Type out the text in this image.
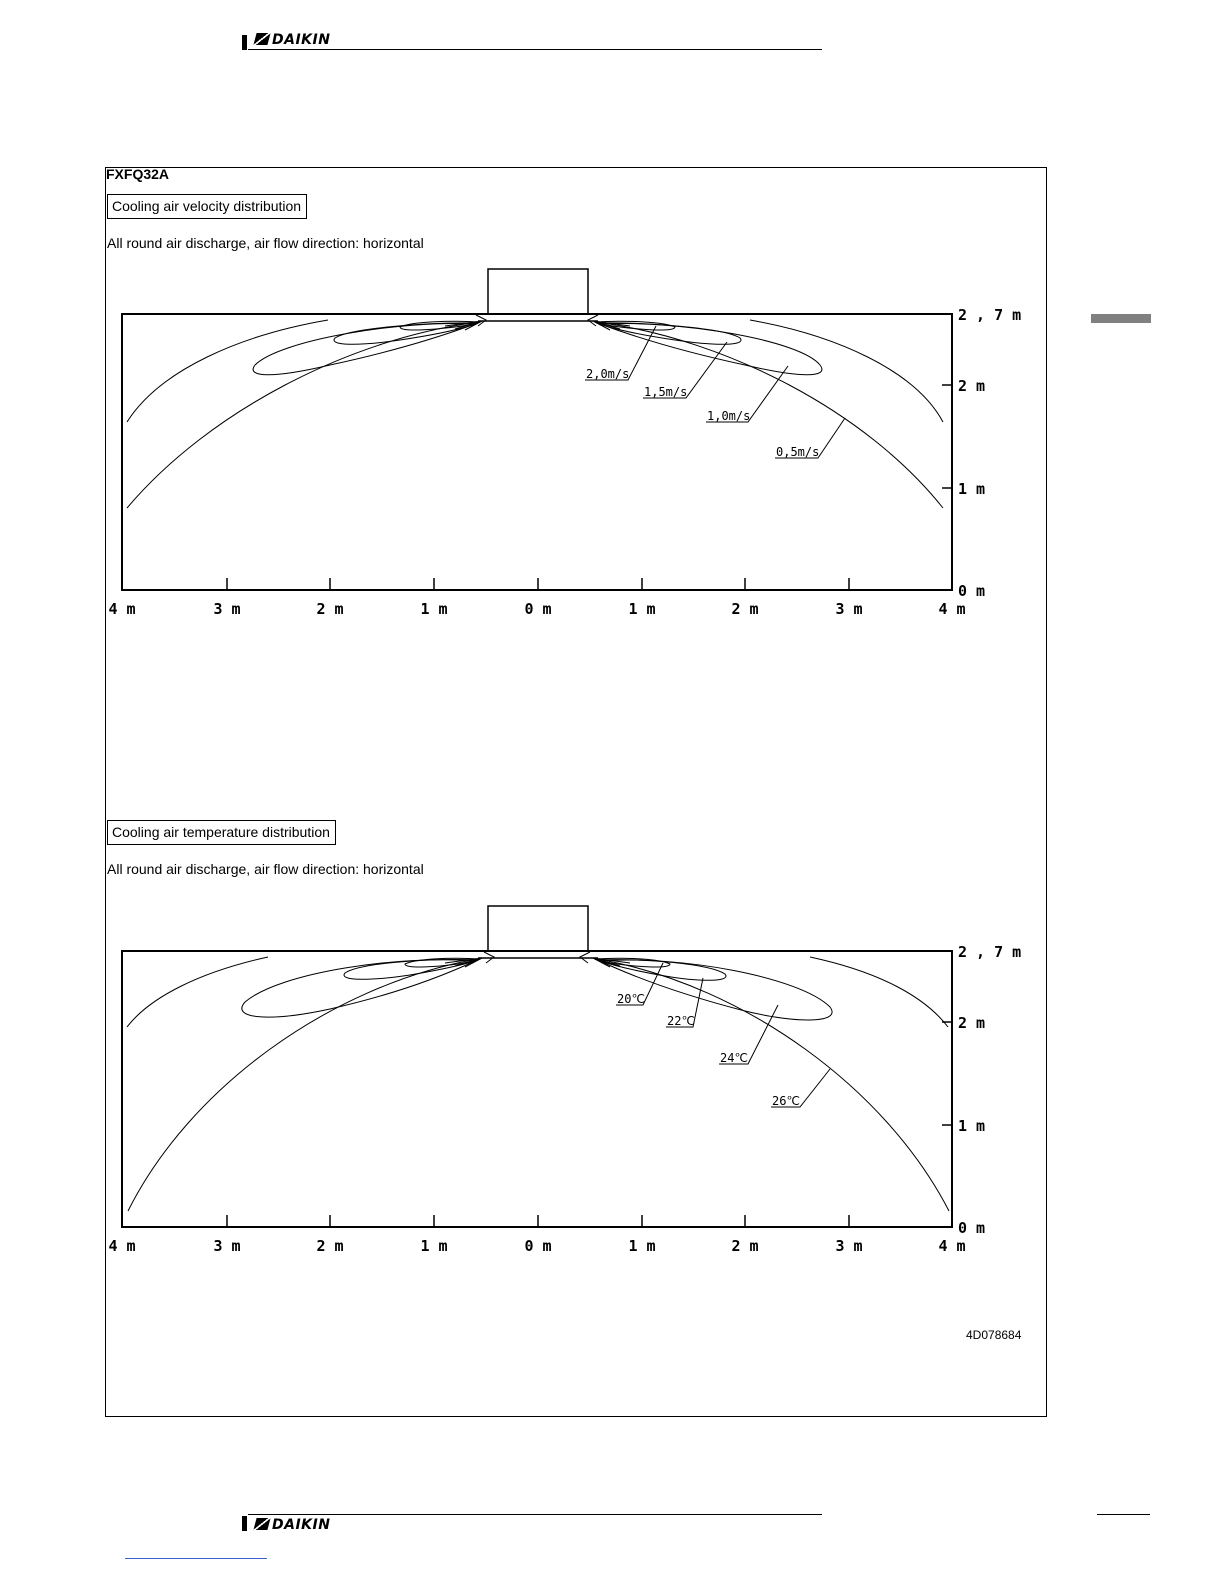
DAIKIN
FXFQ32A
Cooling air velocity distribution
All round air discharge, air flow direction: horizontal
4 m	3 m	2 m	1 m	0 m	1 m	2 m	3 m	4 m
2 , 7 m
2 m
1 m
0 m
2,0m/s
1,5m/s
1,0m/s
0,5m/s
Cooling air temperature distribution
All round air discharge, air flow direction: horizontal
4 m	3 m	2 m	1 m	0 m	1 m	2 m	3 m	4 m
2 , 7 m
2 m
1 m
0 m
20℃
22℃
24℃
26℃
4D078684
DAIKIN
